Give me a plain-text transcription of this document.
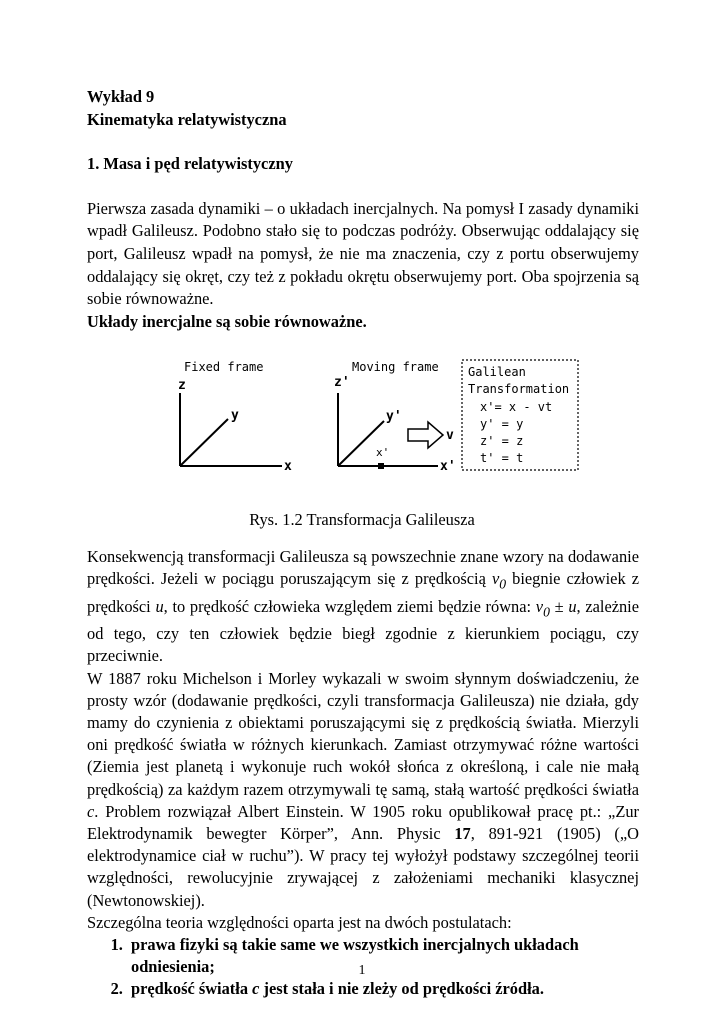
Wykład 9

Kinematyka relatywistyczna

1. Masa i pęd relatywistyczny

Pierwsza zasada dynamiki – o układach inercjalnych. Na pomysł I zasady dynamiki wpadł Galileusz. Podobno stało się to podczas podróży. Obserwując oddalający się port, Galileusz wpadł na pomysł, że nie ma znaczenia, czy z portu obserwujemy oddalający się okręt, czy też z pokładu okrętu obserwujemy port. Oba spojrzenia są sobie równoważne.

Układy inercjalne są sobie równoważne.

Fixed frame
z
y
x
Moving frame
z'
y'
x'
x'
v
Galilean
Transformation
x'= x - vt
y' = y
z' = z
t' = t
Rys. 1.2 Transformacja Galileusza

Konsekwencją transformacji Galileusza są powszechnie znane wzory na dodawanie prędkości. Jeżeli w pociągu poruszającym się z prędkością $v_0$ biegnie człowiek z prędkości u, to prędkość człowieka względem ziemi będzie równa: $v_0 \pm u$, zależnie od tego, czy ten człowiek będzie biegł zgodnie z kierunkiem pociągu, czy przeciwnie.

W 1887 roku Michelson i Morley wykazali w swoim słynnym doświadczeniu, że prosty wzór (dodawanie prędkości, czyli transformacja Galileusza) nie działa, gdy mamy do czynienia z obiektami poruszającymi się z prędkością światła. Mierzyli oni prędkość światła w różnych kierunkach. Zamiast otrzymywać różne wartości (Ziemia jest planetą i wykonuje ruch wokół słońca z określoną, i cale nie małą prędkością) za każdym razem otrzymywali tę samą, stałą wartość prędkości światła c. Problem rozwiązał Albert Einstein. W 1905 roku opublikował pracę pt.: „Zur Elektrodynamik bewegter Körper”, Ann. Physic 17, 891-921 (1905) („O elektrodynamice ciał w ruchu”). W pracy tej wyłożył podstawy szczególnej teorii względności, rewolucyjnie zrywającej z założeniami mechaniki klasycznej (Newtonowskiej).

Szczególna teoria względności oparta jest na dwóch postulatach:

1. prawa fizyki są takie same we wszystkich inercjalnych układach odniesienia;
2. prędkość światła c jest stała i nie zleży od prędkości źródła.
1
